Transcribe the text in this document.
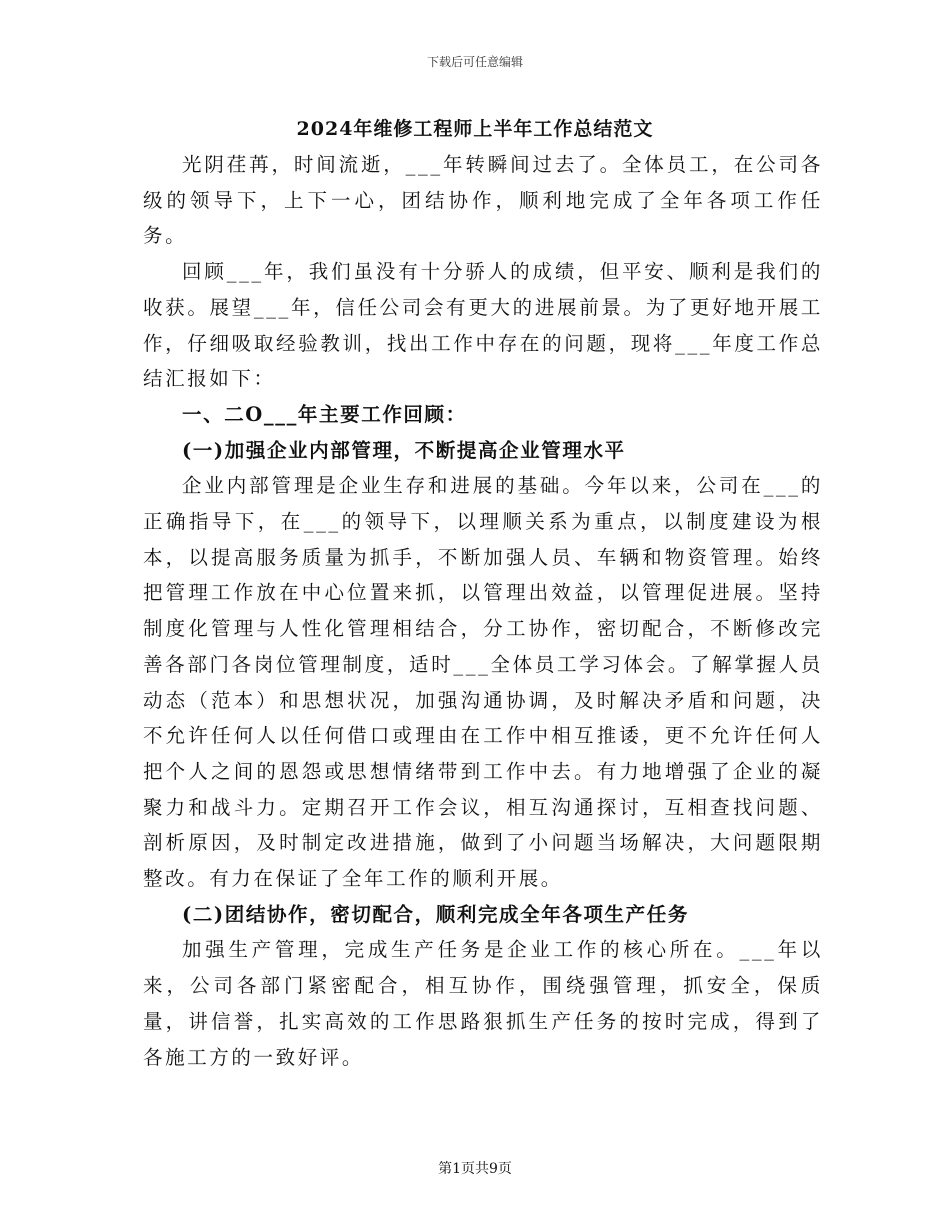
下载后可任意编辑
2024年维修工程师上半年工作总结范文

光阴荏苒，时间流逝，___年转瞬间过去了。全体员工，在公司各级的领导下，上下一心，团结协作，顺利地完成了全年各项工作任务。

回顾___年，我们虽没有十分骄人的成绩，但平安、顺利是我们的收获。展望___年，信任公司会有更大的进展前景。为了更好地开展工作，仔细吸取经验教训，找出工作中存在的问题，现将___年度工作总结汇报如下：

一、二O___年主要工作回顾：

(一)加强企业内部管理，不断提高企业管理水平

企业内部管理是企业生存和进展的基础。今年以来，公司在___的正确指导下，在___的领导下，以理顺关系为重点，以制度建设为根本，以提高服务质量为抓手，不断加强人员、车辆和物资管理。始终把管理工作放在中心位置来抓，以管理出效益，以管理促进展。坚持制度化管理与人性化管理相结合，分工协作，密切配合，不断修改完善各部门各岗位管理制度，适时___全体员工学习体会。了解掌握人员动态（范本）和思想状况，加强沟通协调，及时解决矛盾和问题，决不允许任何人以任何借口或理由在工作中相互推诿，更不允许任何人把个人之间的恩怨或思想情绪带到工作中去。有力地增强了企业的凝聚力和战斗力。定期召开工作会议，相互沟通探讨，互相查找问题、剖析原因，及时制定改进措施，做到了小问题当场解决，大问题限期整改。有力在保证了全年工作的顺利开展。

(二)团结协作，密切配合，顺利完成全年各项生产任务

加强生产管理，完成生产任务是企业工作的核心所在。___年以来，公司各部门紧密配合，相互协作，围绕强管理，抓安全，保质量，讲信誉，扎实高效的工作思路狠抓生产任务的按时完成，得到了各施工方的一致好评。

第1页共9页
